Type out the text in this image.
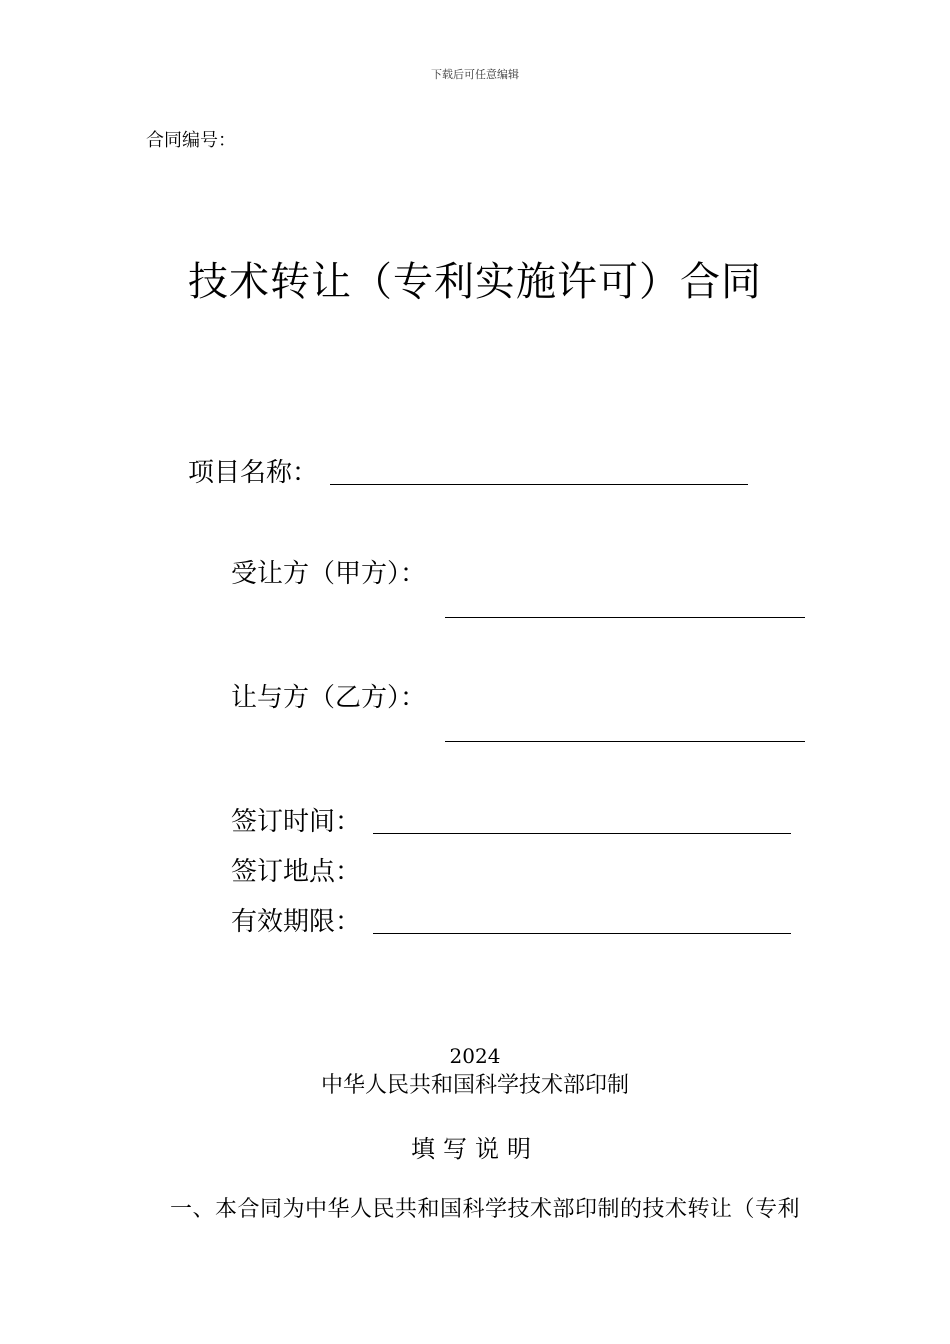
下载后可任意编辑
合同编号：
技术转让（专利实施许可）合同
项目名称：
受让方（甲方）：
让与方（乙方）：
签订时间：
签订地点：
有效期限：
2024
中华人民共和国科学技术部印制
填写说明
一、本合同为中华人民共和国科学技术部印制的技术转让（专利
